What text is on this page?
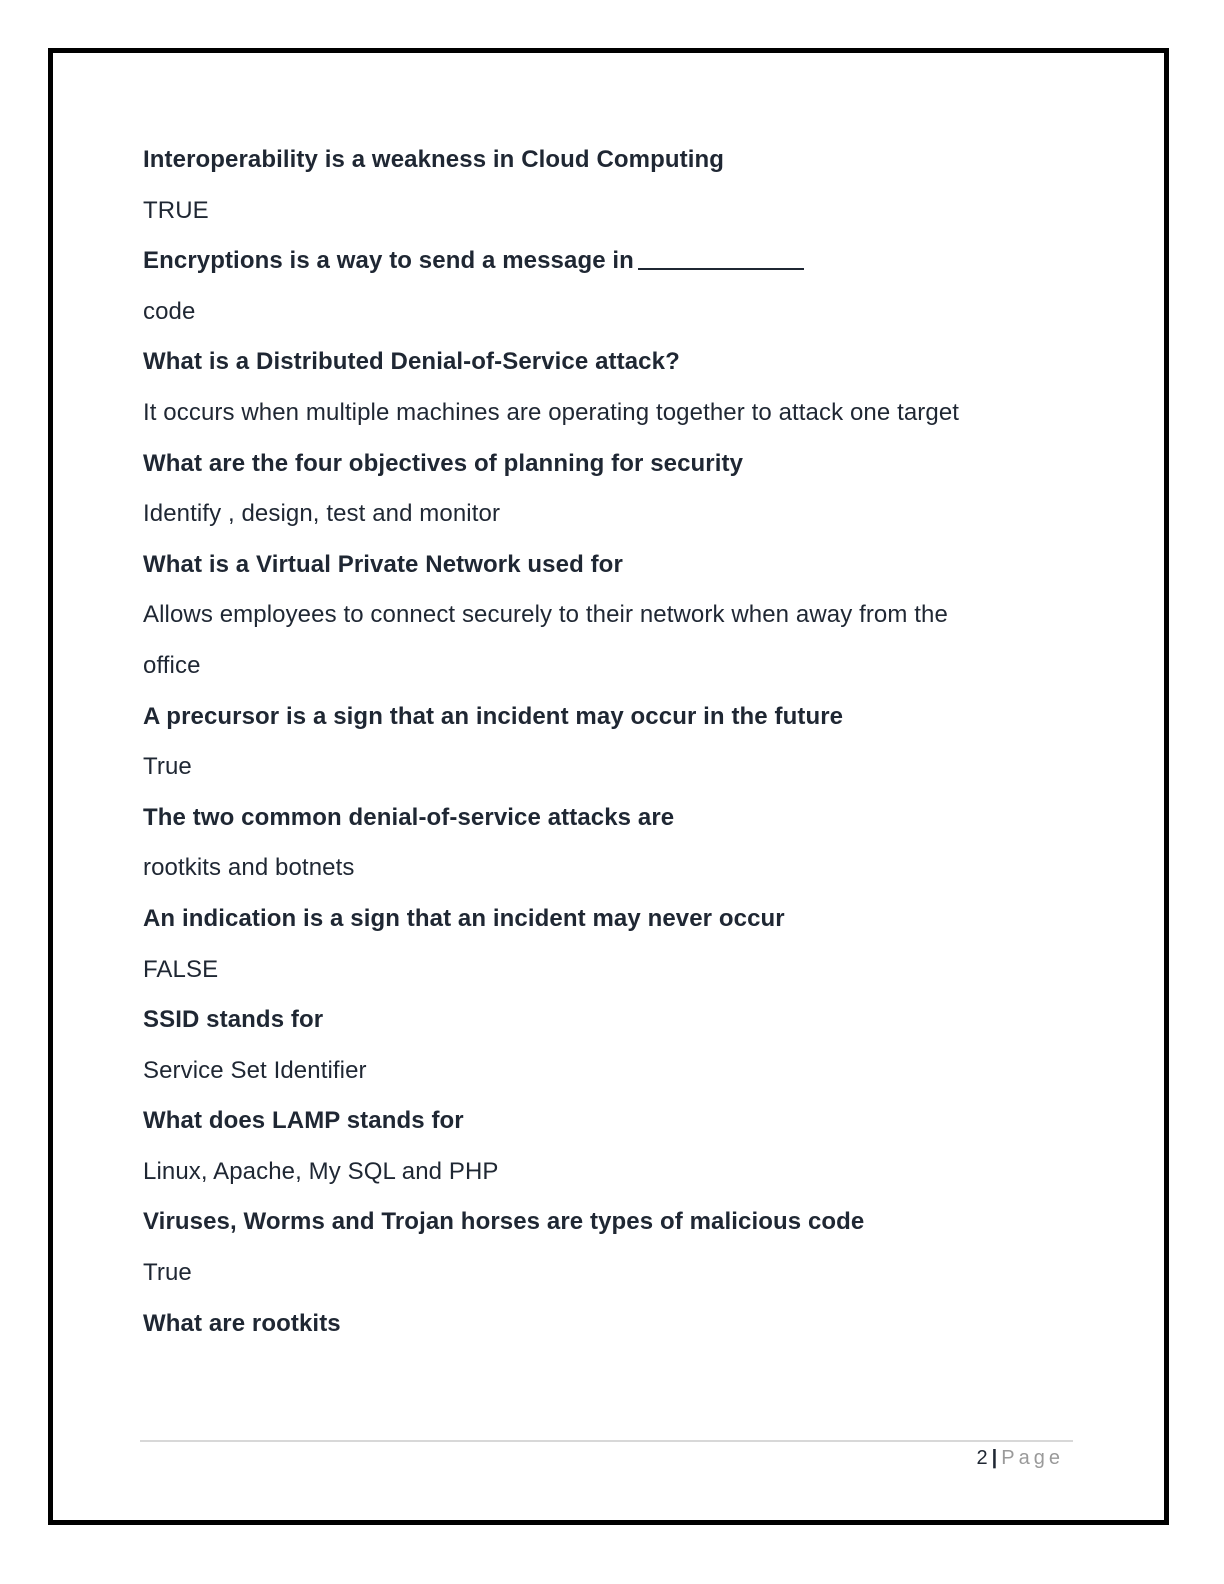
Interoperability is a weakness in Cloud Computing
TRUE
Encryptions is a way to send a message in
code
What is a Distributed Denial-of-Service attack?
It occurs when multiple machines are operating together to attack one target
What are the four objectives of planning for security
Identify , design, test and monitor
What is a Virtual Private Network used for
Allows employees to connect securely to their network when away from the
office
A precursor is a sign that an incident may occur in the future
True
The two common denial-of-service attacks are
rootkits and botnets
An indication is a sign that an incident may never occur
FALSE
SSID stands for
Service Set Identifier
What does LAMP stands for
Linux, Apache, My SQL and PHP
Viruses, Worms and Trojan horses are types of malicious code
True
What are rootkits
2 | Page
